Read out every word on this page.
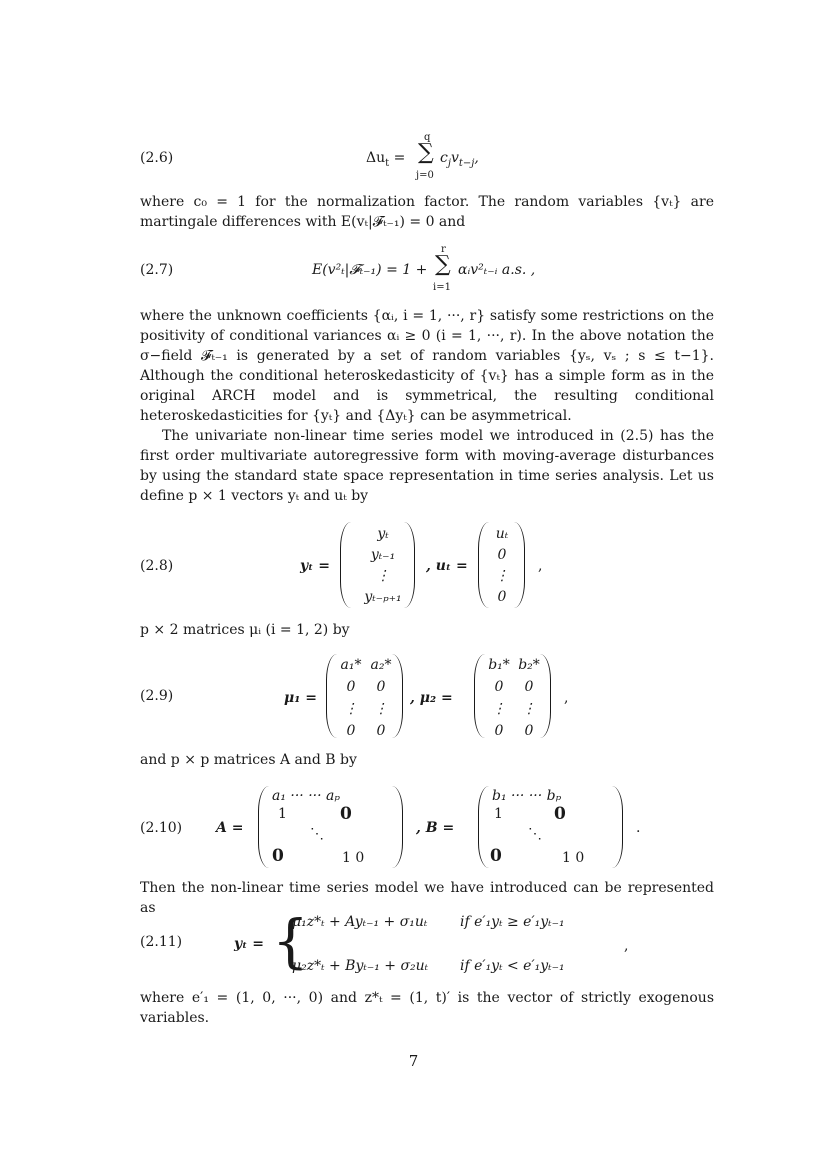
(2.6)	$\Delta u_t$ =
q
∑
j=0
$c_jv_{t-j}$,
where c₀ = 1 for the normalization factor. The random variables {vₜ} are martingale differences with E(vₜ|𝓕ₜ₋₁) = 0 and
(2.7)	E(v²ₜ|𝓕ₜ₋₁) = 1 +
r
∑
i=1
αᵢv²ₜ₋ᵢ a.s. ,
where the unknown coefficients {αᵢ, i = 1, ···, r} satisfy some restrictions on the positivity of conditional variances αᵢ ≥ 0 (i = 1, ···, r). In the above notation the σ−field 𝓕ₜ₋₁ is generated by a set of random variables {yₛ, vₛ ; s ≤ t−1}. Although the conditional heteroskedasticity of {vₜ} has a simple form as in the original ARCH model and is symmetrical, the resulting conditional heteroskedasticities for {yₜ} and {Δyₜ} can be asymmetrical.
The univariate non-linear time series model we introduced in (2.5) has the first order multivariate autoregressive form with moving-average disturbances by using the standard state space representation in time series analysis. Let us define p × 1 vectors yₜ and uₜ by
(2.8)	yₜ =
yₜ
yₜ₋₁
⋮
yₜ₋ₚ₊₁
, uₜ =
uₜ
0
⋮
0
,
p × 2 matrices μᵢ (i = 1, 2) by
(2.9)	μ₁ =
a₁*	a₂*
0	0
⋮	⋮
0	0
, μ₂ =
b₁*	b₂*
0	0
⋮	⋮
0	0
,
and p × p matrices A and B by
(2.10) A =
a₁ ··· ··· aₚ
1	0
⋱
0	1 0
, B =
b₁ ··· ··· bₚ
1	0
⋱
0	1 0
.
Then the non-linear time series model we have introduced can be represented as
(2.11)	yₜ = {
μ₁z*ₜ + Ayₜ₋₁ + σ₁uₜ if e′₁yₜ ≥ e′₁yₜ₋₁
μ₂z*ₜ + Byₜ₋₁ + σ₂uₜ if e′₁yₜ < e′₁yₜ₋₁
,
where e′₁ = (1, 0, ···, 0) and z*ₜ = (1, t)′ is the vector of strictly exogenous variables.
7
